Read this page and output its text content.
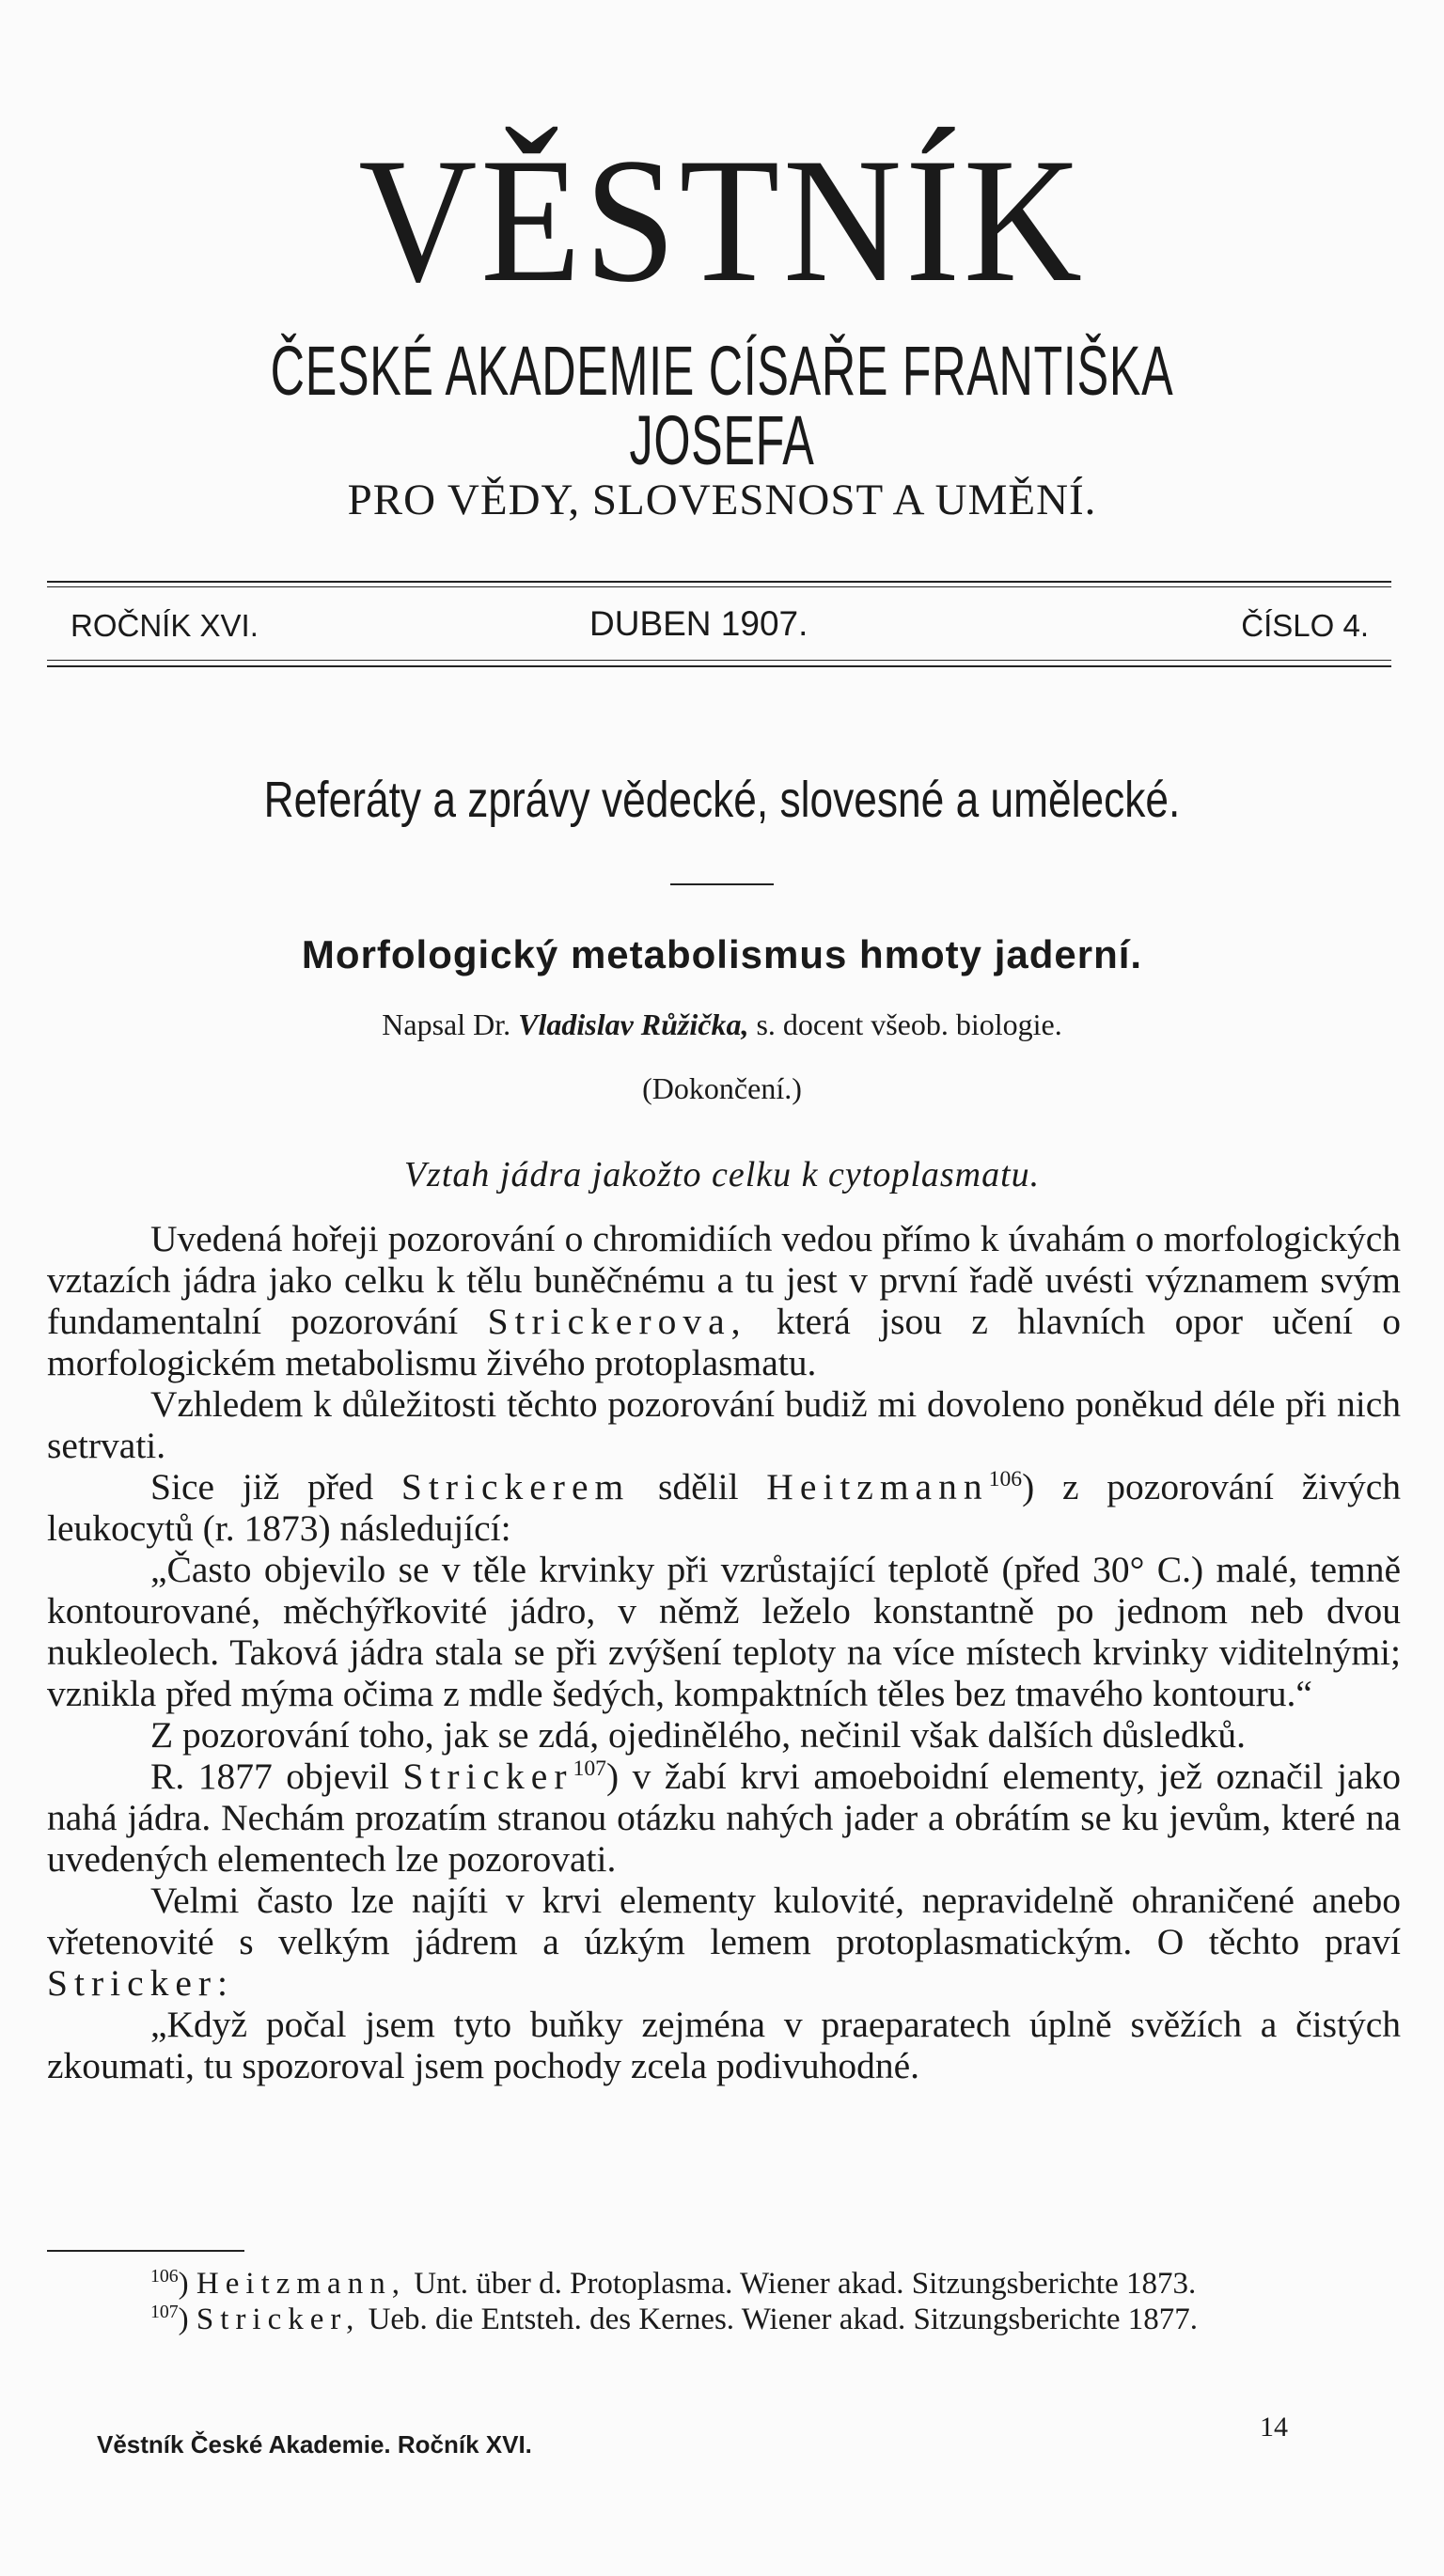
VĚSTNÍK
ČESKÉ AKADEMIE CÍSAŘE FRANTIŠKA JOSEFA
PRO VĚDY, SLOVESNOST A UMĚNÍ.
ROČNÍK XVI.	DUBEN 1907.	ČÍSLO 4.
Referáty a zprávy vědecké, slovesné a umělecké.
Morfologický metabolismus hmoty jaderní.
Napsal Dr. Vladislav Růžička, s. docent všeob. biologie.
(Dokončení.)
Vztah jádra jakožto celku k cytoplasmatu.

Uvedená hořeji pozorování o chromidiích vedou přímo k úvahám o morfologických vztazích jádra jako celku k tělu buněčnému a tu jest v první řadě uvésti významem svým fundamentalní pozorování Strickerova, která jsou z hlavních opor učení o morfologickém metabolismu živého protoplasmatu.

Vzhledem k důležitosti těchto pozorování budiž mi dovoleno poněkud déle při nich setrvati.

Sice již před Strickerem sdělil Heitzmann$^{106}$) z pozorování živých leukocytů (r. 1873) následující:

„Často objevilo se v těle krvinky při vzrůstající teplotě (před 30° C.) malé, temně kontourované, měchýřkovité jádro, v němž leželo konstantně po jednom neb dvou nukleolech. Taková jádra stala se při zvýšení teploty na více místech krvinky viditelnými; vznikla před mýma očima z mdle šedých, kompaktních těles bez tmavého kontouru.“

Z pozorování toho, jak se zdá, ojedinělého, nečinil však dalších důsledků.

R. 1877 objevil Stricker$^{107}$) v žabí krvi amoeboidní elementy, jež označil jako nahá jádra. Nechám prozatím stranou otázku nahých jader a obrátím se ku jevům, které na uvedených elementech lze pozorovati.

Velmi často lze najíti v krvi elementy kulovité, nepravidelně ohraničené anebo vřetenovité s velkým jádrem a úzkým lemem protoplasmatickým. O těchto praví Stricker:

„Když počal jsem tyto buňky zejména v praeparatech úplně svěžích a čistých zkoumati, tu spozoroval jsem pochody zcela podivuhodné.

$^{106}$) Heitzmann, Unt. über d. Protoplasma. Wiener akad. Sitzungsberichte 1873.

$^{107}$) Stricker, Ueb. die Entsteh. des Kernes. Wiener akad. Sitzungsberichte 1877.

Věstník České Akademie. Ročník XVI.
14
